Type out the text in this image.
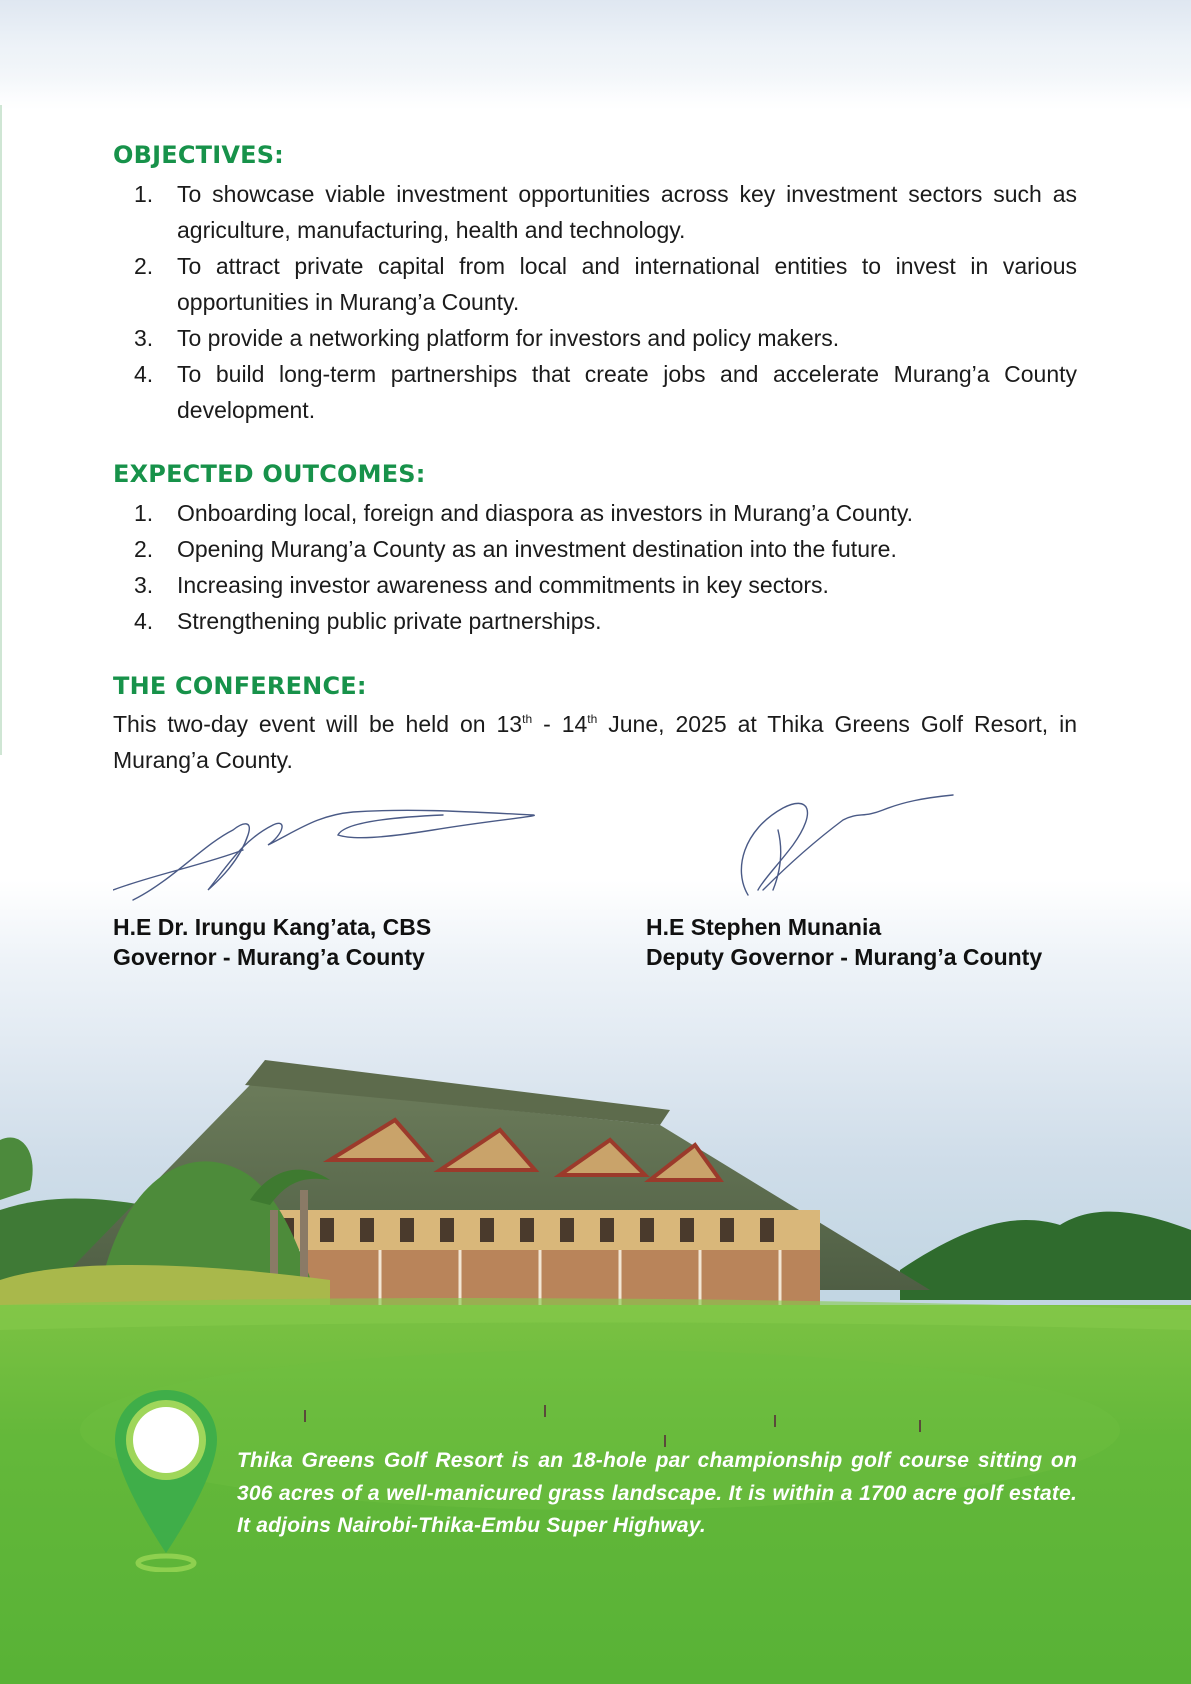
OBJECTIVES:
1. To showcase viable investment opportunities across key investment sectors such as agriculture, manufacturing, health and technology.
2. To attract private capital from local and international entities to invest in various opportunities in Murang’a County.
3. To provide a networking platform for investors and policy makers.
4. To build long-term partnerships that create jobs and accelerate Murang’a County development.
EXPECTED OUTCOMES:
1. Onboarding local, foreign and diaspora as investors in Murang’a County.
2. Opening Murang’a County as an investment destination into the future.
3. Increasing investor awareness and commitments in key sectors.
4. Strengthening public private partnerships.
THE CONFERENCE:

This two-day event will be held on 13th - 14th June, 2025 at Thika Greens Golf Resort, in Murang’a County.

H.E Dr. Irungu Kang’ata, CBS
Governor - Murang’a County
H.E Stephen Munania
Deputy Governor - Murang’a County

Thika Greens Golf Resort is an 18-hole par championship golf course sitting on 306 acres of a well-manicured grass landscape. It is within a 1700 acre golf estate. It adjoins Nairobi-Thika-Embu Super Highway.
